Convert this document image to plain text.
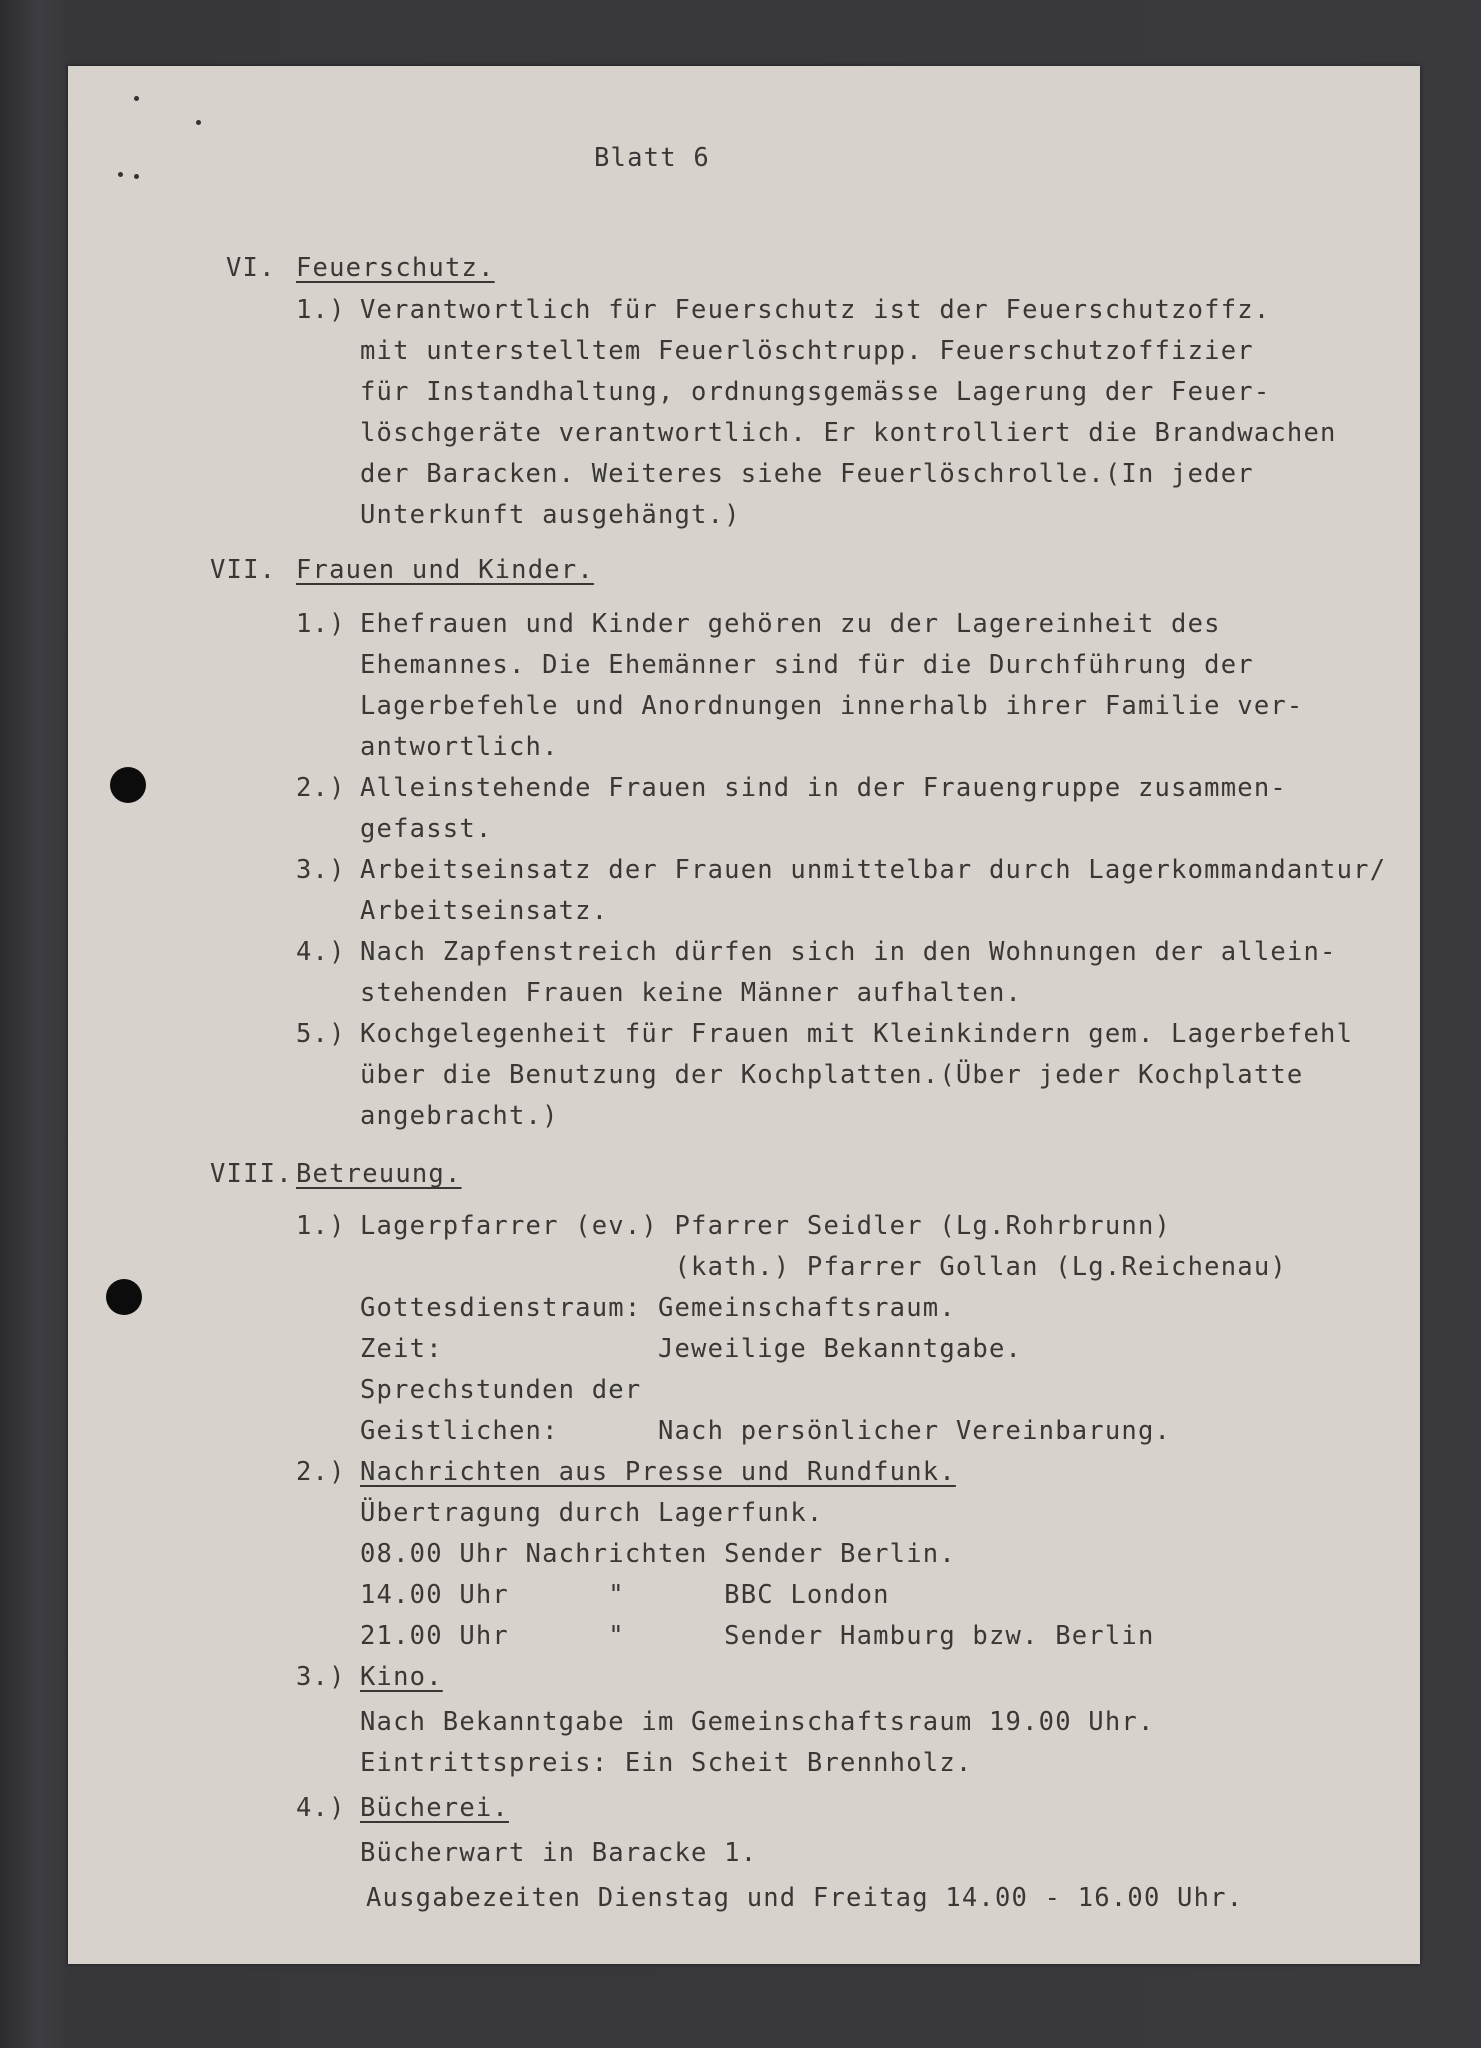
Blatt 6
VI. Feuerschutz.
1.) Verantwortlich für Feuerschutz ist der Feuerschutzoffz.
mit unterstelltem Feuerlöschtrupp. Feuerschutzoffizier
für Instandhaltung, ordnungsgemässe Lagerung der Feuer-
löschgeräte verantwortlich. Er kontrolliert die Brandwachen
der Baracken. Weiteres siehe Feuerlöschrolle.(In jeder
Unterkunft ausgehängt.)
VII. Frauen und Kinder.
1.) Ehefrauen und Kinder gehören zu der Lagereinheit des
Ehemannes. Die Ehemänner sind für die Durchführung der
Lagerbefehle und Anordnungen innerhalb ihrer Familie ver-
antwortlich.
2.) Alleinstehende Frauen sind in der Frauengruppe zusammen-
gefasst.
3.) Arbeitseinsatz der Frauen unmittelbar durch Lagerkommandantur/
Arbeitseinsatz.
4.) Nach Zapfenstreich dürfen sich in den Wohnungen der allein-
stehenden Frauen keine Männer aufhalten.
5.) Kochgelegenheit für Frauen mit Kleinkindern gem. Lagerbefehl
über die Benutzung der Kochplatten.(Über jeder Kochplatte
angebracht.)
VIII. Betreuung.
1.) Lagerpfarrer (ev.) Pfarrer Seidler (Lg.Rohrbrunn)
(kath.) Pfarrer Gollan (Lg.Reichenau)
Gottesdienstraum: Gemeinschaftsraum.
Zeit:             Jeweilige Bekanntgabe.
Sprechstunden der
Geistlichen:      Nach persönlicher Vereinbarung.
2.) Nachrichten aus Presse und Rundfunk.
Übertragung durch Lagerfunk.
08.00 Uhr Nachrichten Sender Berlin.
14.00 Uhr      "      BBC London
21.00 Uhr      "      Sender Hamburg bzw. Berlin
3.) Kino.
Nach Bekanntgabe im Gemeinschaftsraum 19.00 Uhr.
Eintrittspreis: Ein Scheit Brennholz.
4.) Bücherei.
Bücherwart in Baracke 1.
Ausgabezeiten Dienstag und Freitag 14.00 - 16.00 Uhr.
